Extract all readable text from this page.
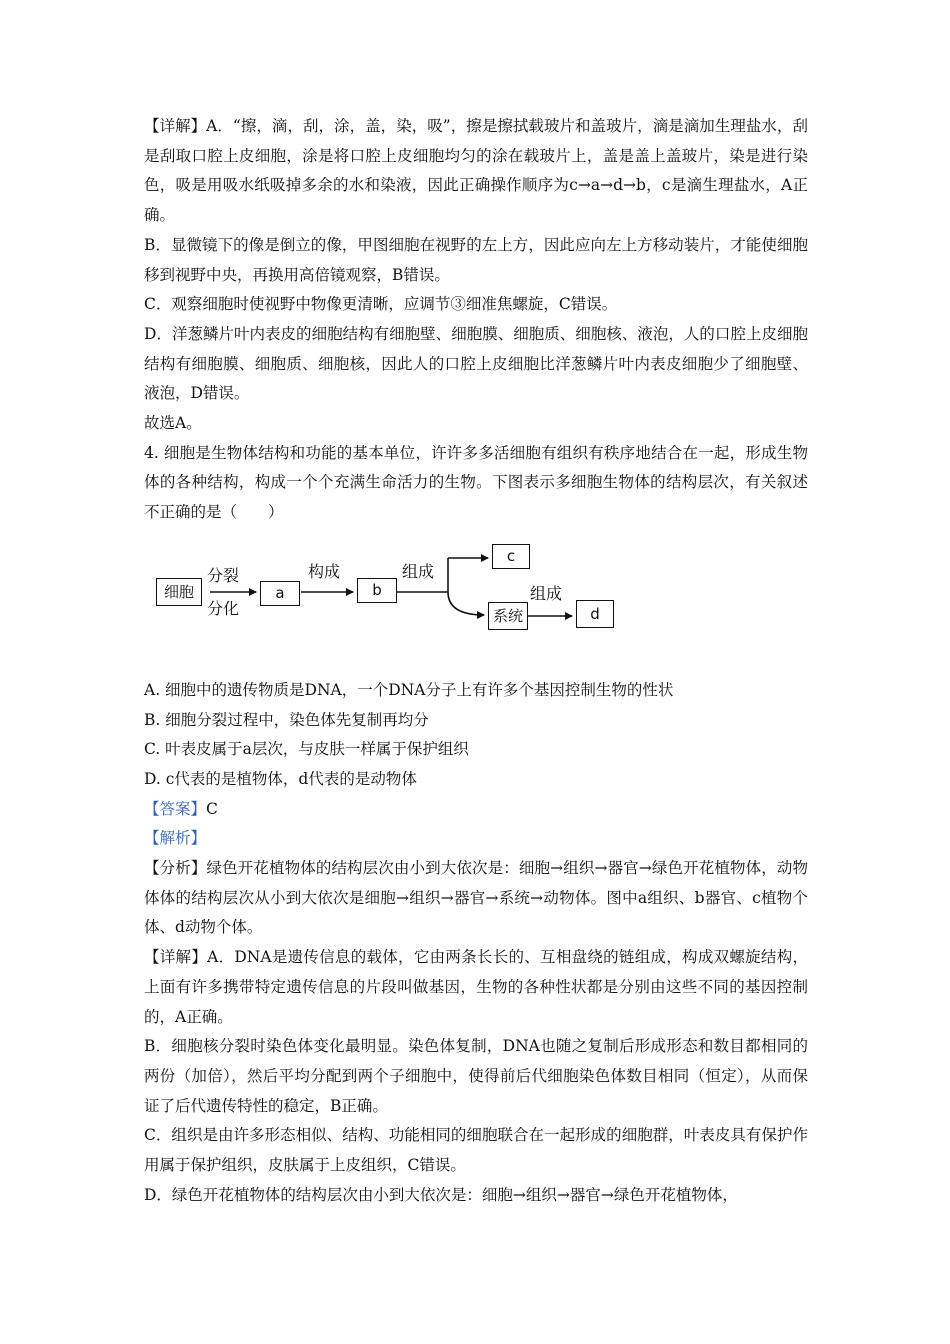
【详解】A．“擦，滴，刮，涂，盖，染，吸”，擦是擦拭载玻片和盖玻片，滴是滴加生理盐水，刮是刮取口腔上皮细胞，涂是将口腔上皮细胞均匀的涂在载玻片上，盖是盖上盖玻片，染是进行染色，吸是用吸水纸吸掉多余的水和染液，因此正确操作顺序为c→a→d→b，c是滴生理盐水，A正确。

B．显微镜下的像是倒立的像，甲图细胞在视野的左上方，因此应向左上方移动装片，才能使细胞移到视野中央，再换用高倍镜观察，B错误。

C．观察细胞时使视野中物像更清晰，应调节③细准焦螺旋，C错误。

D．洋葱鳞片叶内表皮的细胞结构有细胞壁、细胞膜、细胞质、细胞核、液泡，人的口腔上皮细胞结构有细胞膜、细胞质、细胞核，因此人的口腔上皮细胞比洋葱鳞片叶内表皮细胞少了细胞壁、液泡，D错误。

故选A。

4. 细胞是生物体结构和功能的基本单位，许许多多活细胞有组织有秩序地结合在一起，形成生物体的各种结构，构成一个个充满生命活力的生物。下图表示多细胞生物体的结构层次，有关叙述不正确的是（　　）

细胞
分裂
分化
a
构成
b
组成
c
系统
组成
d

A. 细胞中的遗传物质是DNA，一个DNA分子上有许多个基因控制生物的性状

B. 细胞分裂过程中，染色体先复制再均分

C. 叶表皮属于a层次，与皮肤一样属于保护组织

D. c代表的是植物体，d代表的是动物体

【答案】C

【解析】

【分析】绿色开花植物体的结构层次由小到大依次是：细胞→组织→器官→绿色开花植物体，动物体体的结构层次从小到大依次是细胞→组织→器官→系统→动物体。图中a组织、b器官、c植物个体、d动物个体。

【详解】A．DNA是遗传信息的载体，它由两条长长的、互相盘绕的链组成，构成双螺旋结构，上面有许多携带特定遗传信息的片段叫做基因，生物的各种性状都是分别由这些不同的基因控制的，A正确。

B．细胞核分裂时染色体变化最明显。染色体复制，DNA也随之复制后形成形态和数目都相同的两份（加倍），然后平均分配到两个子细胞中，使得前后代细胞染色体数目相同（恒定），从而保证了后代遗传特性的稳定，B正确。

C．组织是由许多形态相似、结构、功能相同的细胞联合在一起形成的细胞群，叶表皮具有保护作用属于保护组织，皮肤属于上皮组织，C错误。

D．绿色开花植物体的结构层次由小到大依次是：细胞→组织→器官→绿色开花植物体，
